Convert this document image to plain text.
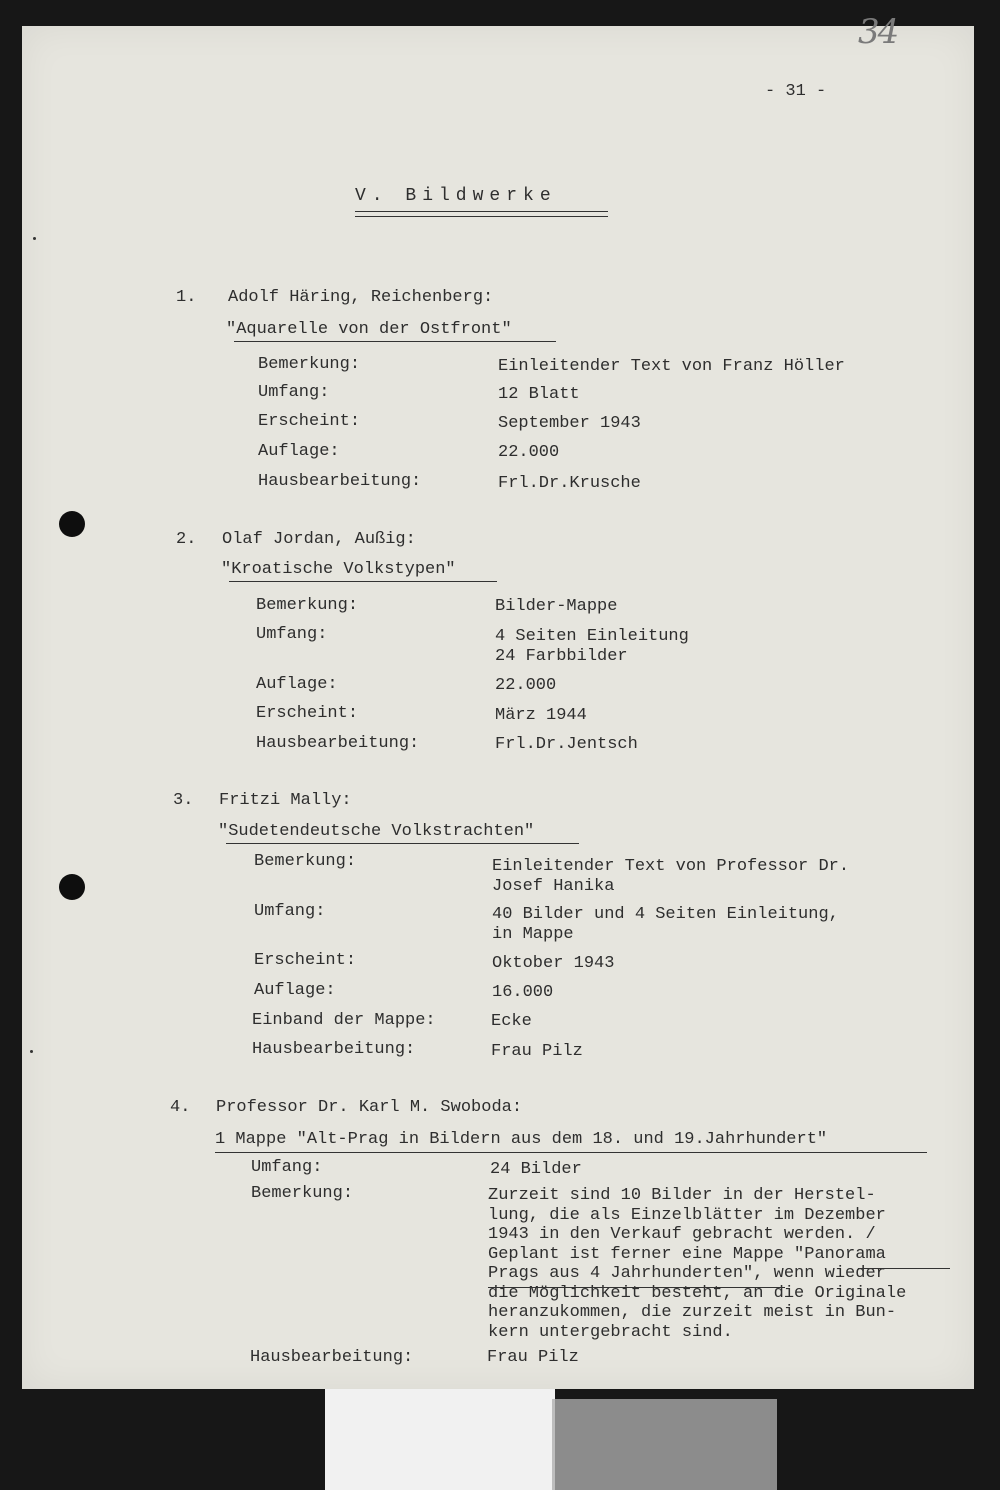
34
- 31 -
V. Bildwerke
1. Adolf Häring, Reichenberg:
"Aquarelle von der Ostfront"
Bemerkung:	Einleitender Text von Franz Höller
Umfang:	12 Blatt
Erscheint:	September 1943
Auflage:	22.000
Hausbearbeitung:	Frl.Dr.Krusche
2. Olaf Jordan, Außig:
"Kroatische Volkstypen"
Bemerkung:	Bilder-Mappe
Umfang:	4 Seiten Einleitung
24 Farbbilder
Auflage:	22.000
Erscheint:	März 1944
Hausbearbeitung:	Frl.Dr.Jentsch
3. Fritzi Mally:
"Sudetendeutsche Volkstrachten"
Bemerkung:	Einleitender Text von Professor Dr.
Josef Hanika
Umfang:	40 Bilder und 4 Seiten Einleitung,
in Mappe
Erscheint:	Oktober 1943
Auflage:	16.000
Einband der Mappe:	Ecke
Hausbearbeitung:	Frau Pilz
4. Professor Dr. Karl M. Swoboda:
1 Mappe "Alt-Prag in Bildern aus dem 18. und 19.Jahrhundert"
Umfang:	24 Bilder
Bemerkung:	Zurzeit sind 10 Bilder in der Herstel-
lung, die als Einzelblätter im Dezember
1943 in den Verkauf gebracht werden. /
Geplant ist ferner eine Mappe "Panorama
Prags aus 4 Jahrhunderten", wenn wieder
die Möglichkeit besteht, an die Originale
heranzukommen, die zurzeit meist in Bun-
kern untergebracht sind.
Hausbearbeitung:	Frau Pilz
